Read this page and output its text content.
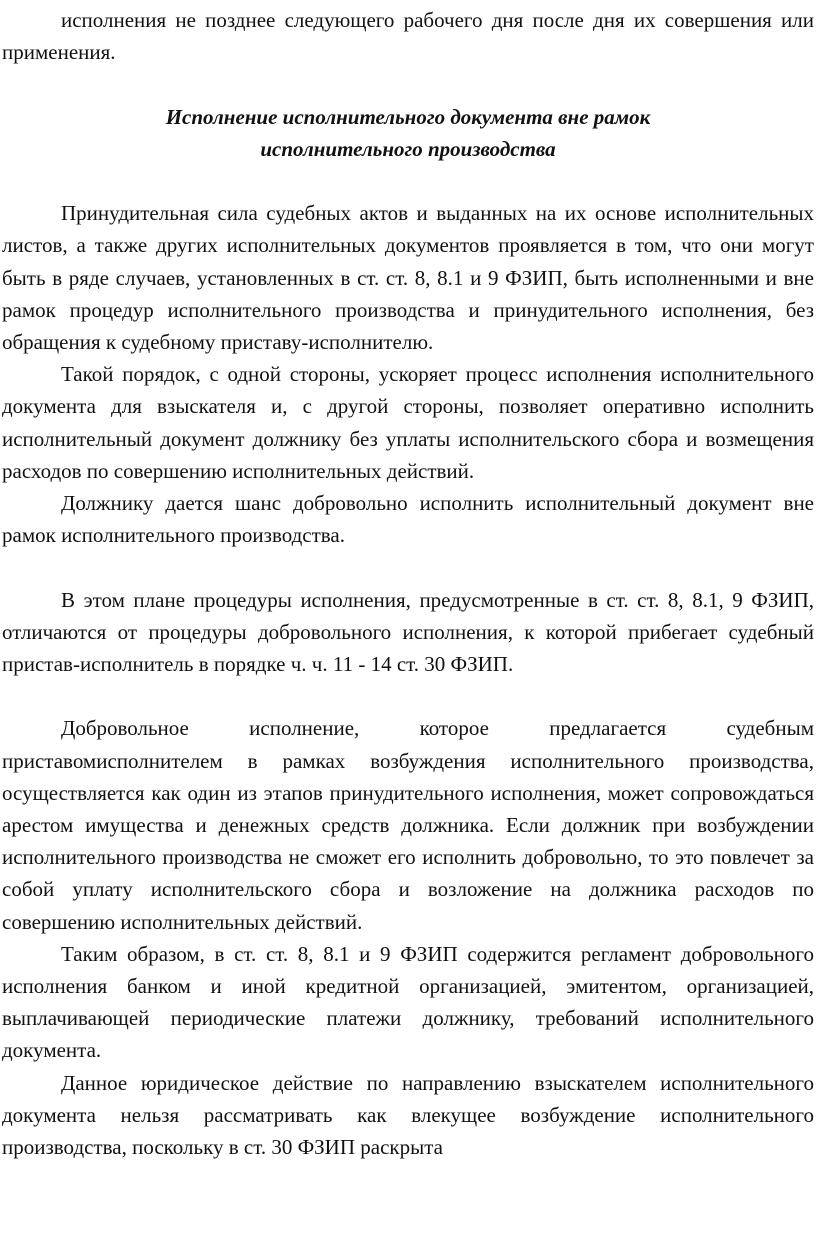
исполнения не позднее следующего рабочего дня после дня их совершения или применения.

Исполнение исполнительного документа вне рамок
исполнительного производства

Принудительная сила судебных актов и выданных на их основе исполнительных листов, а также других исполнительных документов проявляется в том, что они могут быть в ряде случаев, установленных в ст. ст. 8, 8.1 и 9 ФЗИП, быть исполненными и вне рамок процедур исполнительного производства и принудительного исполнения, без обращения к судебному приставу-исполнителю.

Такой порядок, с одной стороны, ускоряет процесс исполнения исполнительного документа для взыскателя и, с другой стороны, позволяет оперативно исполнить исполнительный документ должнику без уплаты исполнительского сбора и возмещения расходов по совершению исполнительных действий.

Должнику дается шанс добровольно исполнить исполнительный документ вне рамок исполнительного производства.

В этом плане процедуры исполнения, предусмотренные в ст. ст. 8, 8.1, 9 ФЗИП, отличаются от процедуры добровольного исполнения, к которой прибегает судебный пристав-исполнитель в порядке ч. ч. 11 - 14 ст. 30 ФЗИП.

Добровольное исполнение, которое предлагается судебным приставомисполнителем в рамках возбуждения исполнительного производства, осуществляется как один из этапов принудительного исполнения, может сопровождаться арестом имущества и денежных средств должника. Если должник при возбуждении исполнительного производства не сможет его исполнить добровольно, то это повлечет за собой уплату исполнительского сбора и возложение на должника расходов по совершению исполнительных действий.

Таким образом, в ст. ст. 8, 8.1 и 9 ФЗИП содержится регламент добровольного исполнения банком и иной кредитной организацией, эмитентом, организацией, выплачивающей периодические платежи должнику, требований исполнительного документа.

Данное юридическое действие по направлению взыскателем исполнительного документа нельзя рассматривать как влекущее возбуждение исполнительного производства, поскольку в ст. 30 ФЗИП раскрыта
